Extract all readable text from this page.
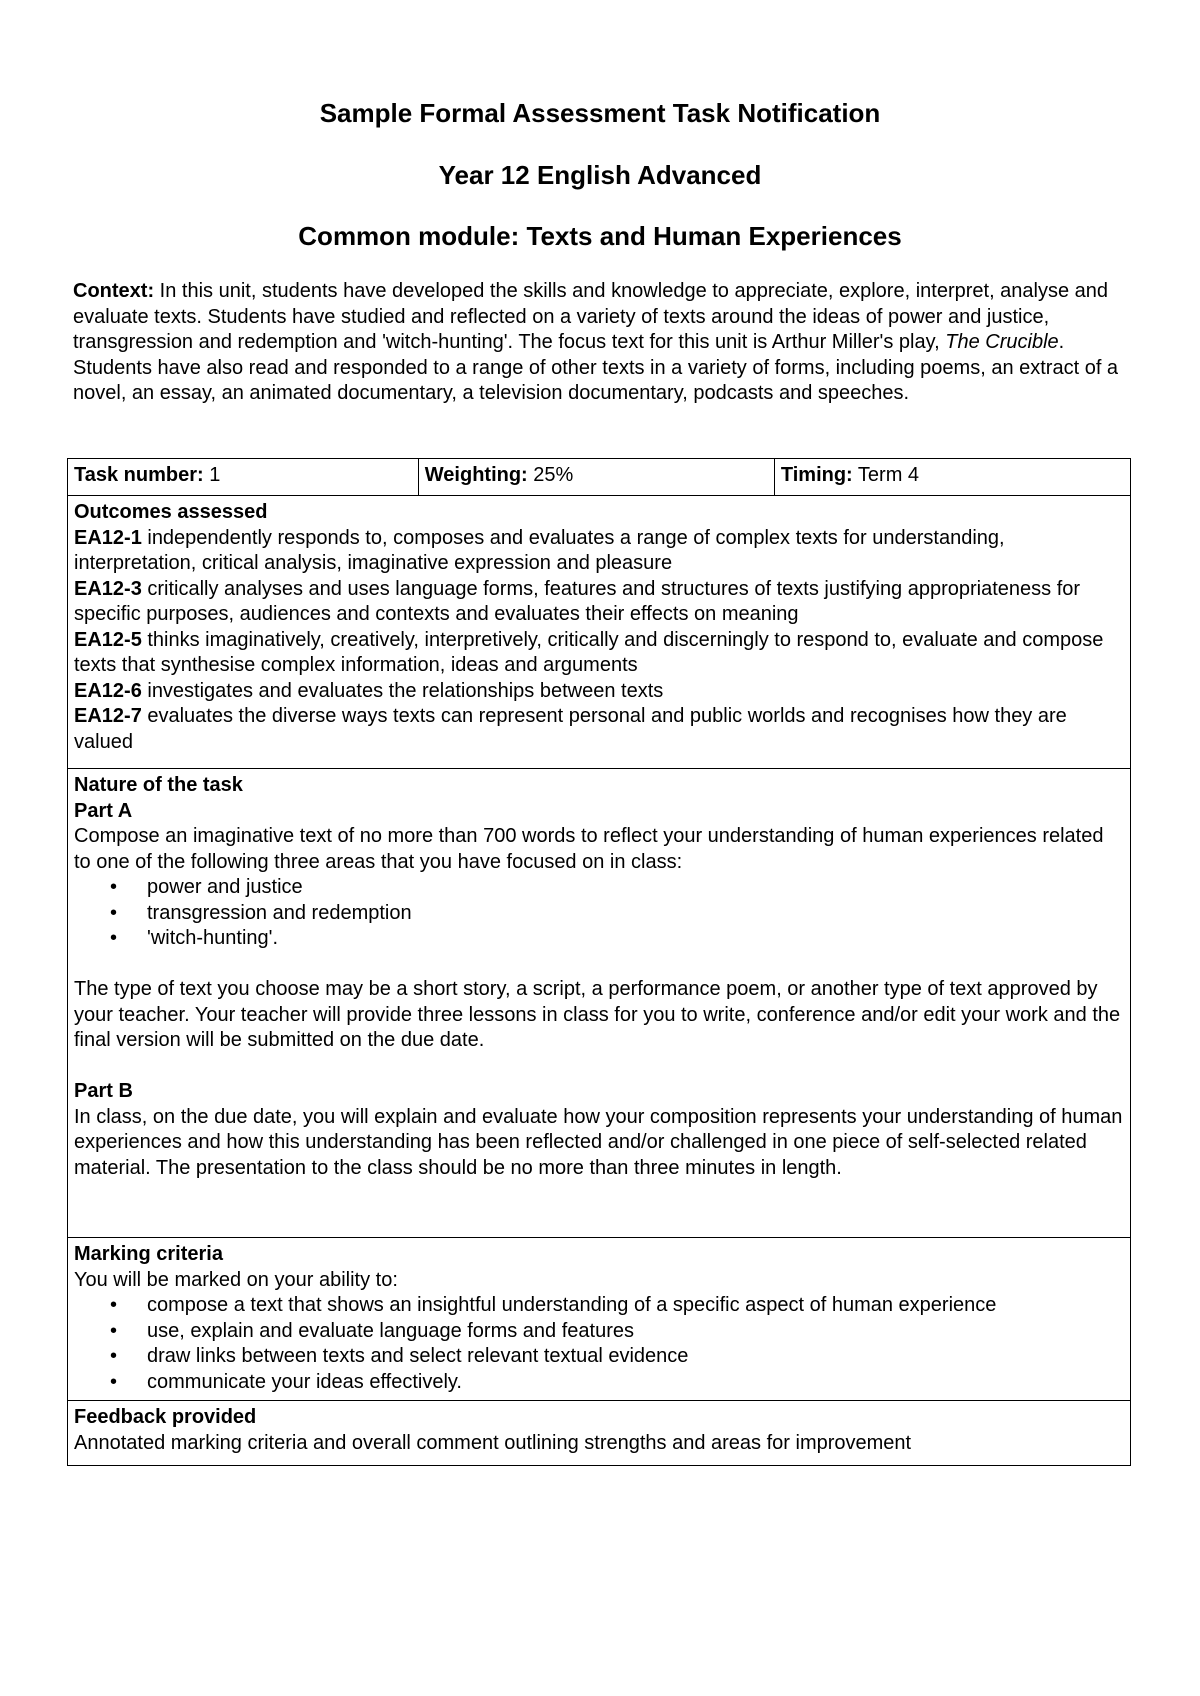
Sample Formal Assessment Task Notification
Year 12 English Advanced
Common module: Texts and Human Experiences

Context: In this unit, students have developed the skills and knowledge to appreciate, explore, interpret, analyse and evaluate texts. Students have studied and reflected on a variety of texts around the ideas of power and justice, transgression and redemption and 'witch-hunting'. The focus text for this unit is Arthur Miller's play, The Crucible. Students have also read and responded to a range of other texts in a variety of forms, including poems, an extract of a novel, an essay, an animated documentary, a television documentary, podcasts and speeches.

Task number: 1	Weighting: 25%	Timing: Term 4

Outcomes assessed
EA12-1 independently responds to, composes and evaluates a range of complex texts for understanding, interpretation, critical analysis, imaginative expression and pleasure
EA12-3 critically analyses and uses language forms, features and structures of texts justifying appropriateness for specific purposes, audiences and contexts and evaluates their effects on meaning
EA12-5 thinks imaginatively, creatively, interpretively, critically and discerningly to respond to, evaluate and compose texts that synthesise complex information, ideas and arguments
EA12-6 investigates and evaluates the relationships between texts
EA12-7 evaluates the diverse ways texts can represent personal and public worlds and recognises how they are valued

Nature of the task
Part A
Compose an imaginative text of no more than 700 words to reflect your understanding of human experiences related to one of the following three areas that you have focused on in class:
• power and justice
• transgression and redemption
• 'witch-hunting'.
The type of text you choose may be a short story, a script, a performance poem, or another type of text approved by your teacher. Your teacher will provide three lessons in class for you to write, conference and/or edit your work and the final version will be submitted on the due date.
Part B
In class, on the due date, you will explain and evaluate how your composition represents your understanding of human experiences and how this understanding has been reflected and/or challenged in one piece of self-selected related material. The presentation to the class should be no more than three minutes in length.

Marking criteria
You will be marked on your ability to:
• compose a text that shows an insightful understanding of a specific aspect of human experience
• use, explain and evaluate language forms and features
• draw links between texts and select relevant textual evidence
• communicate your ideas effectively.

Feedback provided
Annotated marking criteria and overall comment outlining strengths and areas for improvement
